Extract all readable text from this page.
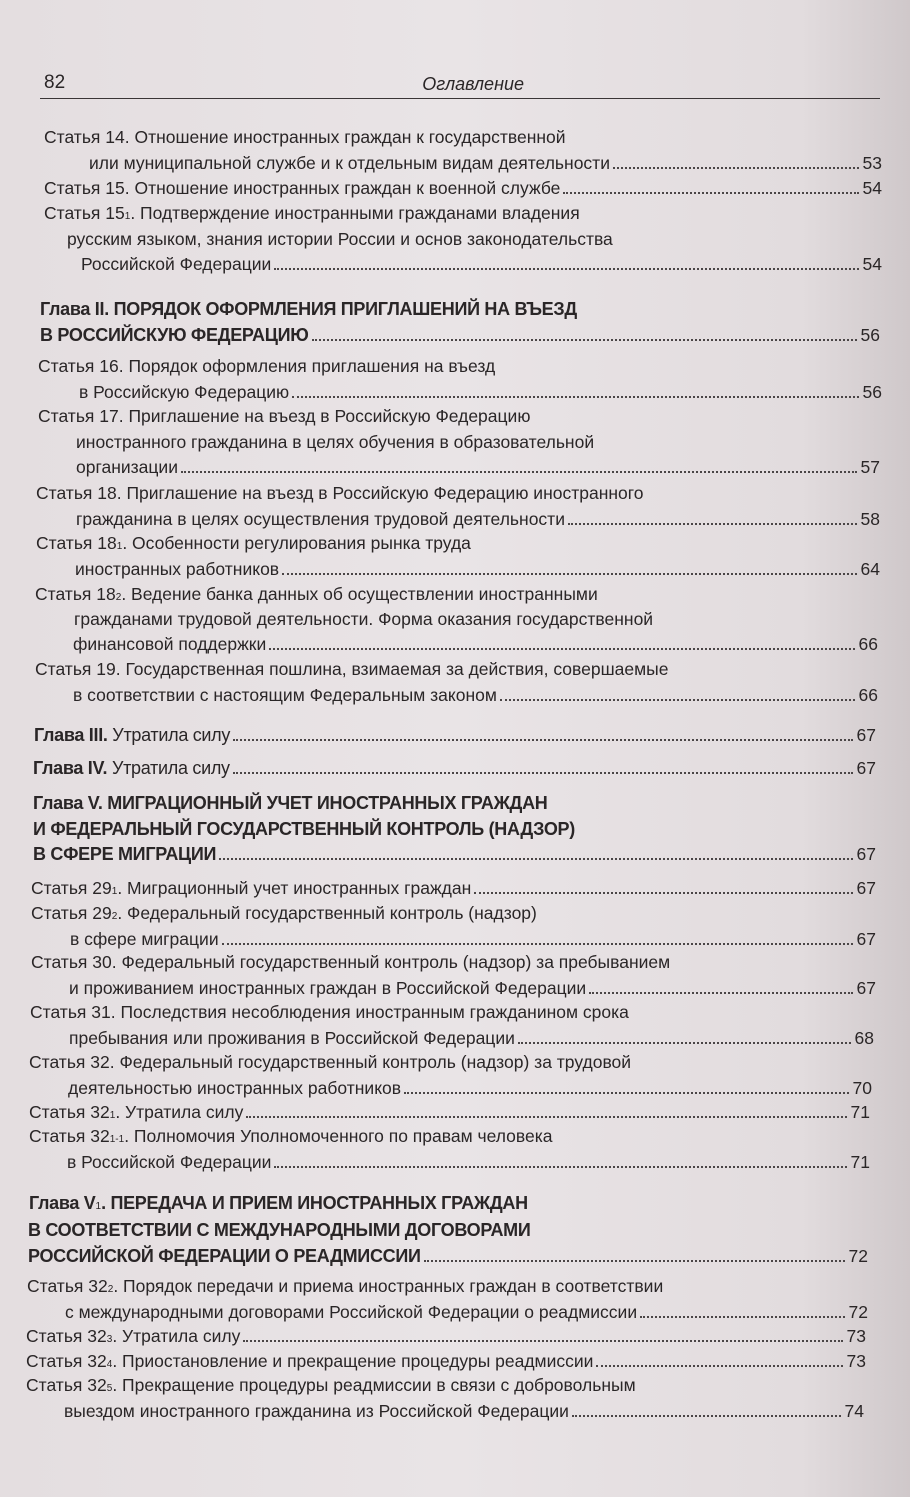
82	Оглавление
Статья 14. Отношение иностранных граждан к государственной
или муниципальной службе и к отдельным видам деятельности	53
Статья 15. Отношение иностранных граждан к военной службе	54
Статья 15 1 . Подтверждение иностранными гражданами владения
русским языком, знания истории России и основ законодательства
Российской Федерации	54
Глава II. ПОРЯДОК ОФОРМЛЕНИЯ ПРИГЛАШЕНИЙ НА ВЪЕЗД
В РОССИЙСКУЮ ФЕДЕРАЦИЮ	56
Статья 16. Порядок оформления приглашения на въезд
в Российскую Федерацию	56
Статья 17. Приглашение на въезд в Российскую Федерацию
иностранного гражданина в целях обучения в образовательной
организации	57
Статья 18. Приглашение на въезд в Российскую Федерацию иностранного
гражданина в целях осуществления трудовой деятельности	58
Статья 18 1 . Особенности регулирования рынка труда
иностранных работников	64
Статья 18 2 . Ведение банка данных об осуществлении иностранными
гражданами трудовой деятельности. Форма оказания государственной
финансовой поддержки	66
Статья 19. Государственная пошлина, взимаемая за действия, совершаемые
в соответствии с настоящим Федеральным законом	66
Глава III. Утратила силу	67
Глава IV. Утратила силу	67
Глава V. МИГРАЦИОННЫЙ УЧЕТ ИНОСТРАННЫХ ГРАЖДАН
И ФЕДЕРАЛЬНЫЙ ГОСУДАРСТВЕННЫЙ КОНТРОЛЬ (НАДЗОР)
В СФЕРЕ МИГРАЦИИ	67
Статья 29 1 . Миграционный учет иностранных граждан	67
Статья 29 2 . Федеральный государственный контроль (надзор)
в сфере миграции	67
Статья 30. Федеральный государственный контроль (надзор) за пребыванием
и проживанием иностранных граждан в Российской Федерации	67
Статья 31. Последствия несоблюдения иностранным гражданином срока
пребывания или проживания в Российской Федерации	68
Статья 32. Федеральный государственный контроль (надзор) за трудовой
деятельностью иностранных работников	70
Статья 32 1 . Утратила силу	71
Статья 32 1-1 . Полномочия Уполномоченного по правам человека
в Российской Федерации	71
Глава V 1 . ПЕРЕДАЧА И ПРИЕМ ИНОСТРАННЫХ ГРАЖДАН
В СООТВЕТСТВИИ С МЕЖДУНАРОДНЫМИ ДОГОВОРАМИ
РОССИЙСКОЙ ФЕДЕРАЦИИ О РЕАДМИССИИ	72
Статья 32 2 . Порядок передачи и приема иностранных граждан в соответствии
с международными договорами Российской Федерации о реадмиссии	72
Статья 32 3 . Утратила силу	73
Статья 32 4 . Приостановление и прекращение процедуры реадмиссии	73
Статья 32 5 . Прекращение процедуры реадмиссии в связи с добровольным
выездом иностранного гражданина из Российской Федерации	74
